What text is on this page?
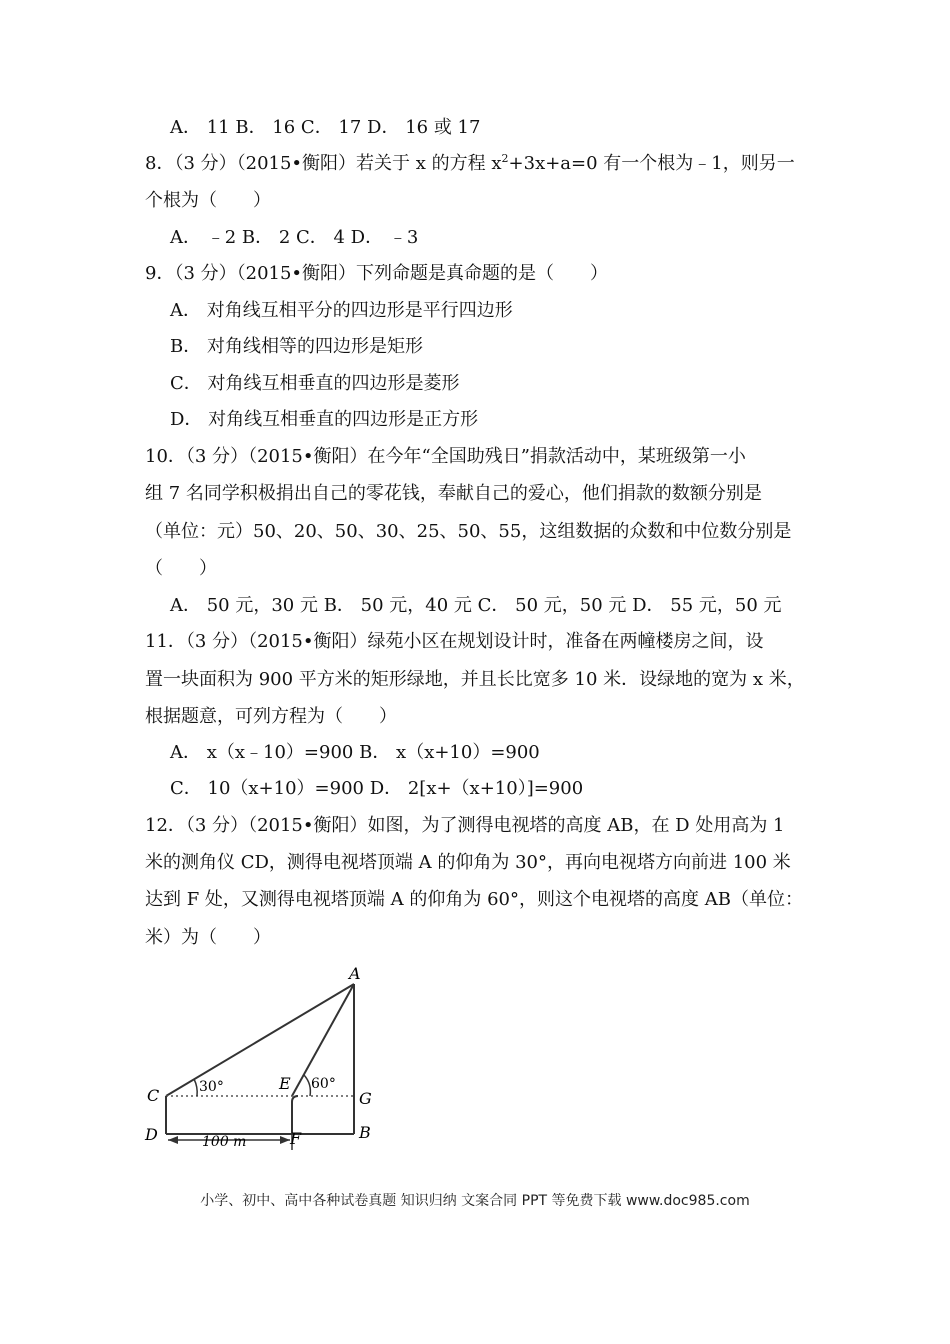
A． 11 B． 16 C． 17 D． 16 或 17
8．（3 分）（2015•衡阳）若关于 x 的方程 $x^2+3x+a=0$ 有一个根为﹣1，则另一
个根为（　　）
A． ﹣2 B． 2 C． 4 D． ﹣3
9．（3 分）（2015•衡阳）下列命题是真命题的是（　　）
A． 对角线互相平分的四边形是平行四边形
B． 对角线相等的四边形是矩形
C． 对角线互相垂直的四边形是菱形
D． 对角线互相垂直的四边形是正方形
10．（3 分）（2015•衡阳）在今年“全国助残日”捐款活动中，某班级第一小
组 7 名同学积极捐出自己的零花钱，奉献自己的爱心，他们捐款的数额分别是
（单位：元）50、20、50、30、25、50、55，这组数据的众数和中位数分别是
（　　）
A． 50 元，30 元 B． 50 元，40 元 C． 50 元，50 元 D． 55 元，50 元
11．（3 分）（2015•衡阳）绿苑小区在规划设计时，准备在两幢楼房之间，设
置一块面积为 900 平方米的矩形绿地，并且长比宽多 10 米．设绿地的宽为 x 米，
根据题意，可列方程为（　　）
A． x（x﹣10）=900 B． x（x+10）=900
C． 10（x+10）=900 D． 2[x+（x+10）]=900
12．（3 分）（2015•衡阳）如图，为了测得电视塔的高度 AB，在 D 处用高为 1
米的测角仪 CD，测得电视塔顶端 A 的仰角为 30°，再向电视塔方向前进 100 米
达到 F 处，又测得电视塔顶端 A 的仰角为 60°，则这个电视塔的高度 AB（单位：
米）为（　　）
A
C
D
E
F
G
B
30°	60°
100 m
小学、初中、高中各种试卷真题 知识归纳 文案合同 PPT 等免费下载 www.doc985.com
